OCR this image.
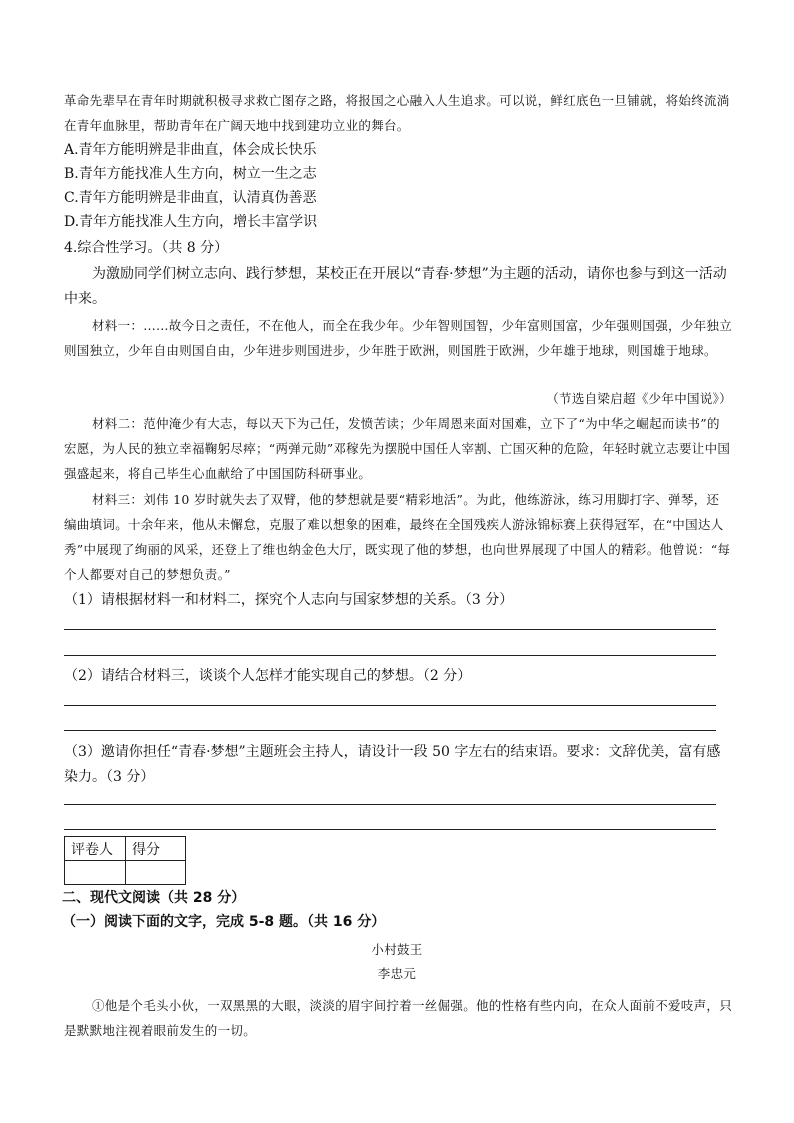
革命先辈早在青年时期就积极寻求救亡图存之路，将报国之心融入人生追求。可以说，鲜红底色一旦铺就，将始终流淌在青年血脉里，帮助青年在广阔天地中找到建功立业的舞台。

A.青年方能明辨是非曲直，体会成长快乐

B.青年方能找准人生方向，树立一生之志

C.青年方能明辨是非曲直，认清真伪善恶

D.青年方能找准人生方向，增长丰富学识

4.综合性学习。（共 8 分）

为激励同学们树立志向、践行梦想，某校正在开展以“青春·梦想”为主题的活动，请你也参与到这一活动中来。

材料一：……故今日之责任，不在他人，而全在我少年。少年智则国智，少年富则国富，少年强则国强，少年独立则国独立，少年自由则国自由，少年进步则国进步，少年胜于欧洲，则国胜于欧洲，少年雄于地球，则国雄于地球。

（节选自梁启超《少年中国说》）

材料二：范仲淹少有大志，每以天下为己任，发愤苦读；少年周恩来面对国难，立下了“为中华之崛起而读书”的宏愿，为人民的独立幸福鞠躬尽瘁；“两弹元勋”邓稼先为摆脱中国任人宰割、亡国灭种的危险，年轻时就立志要让中国强盛起来，将自己毕生心血献给了中国国防科研事业。

材料三：刘伟 10 岁时就失去了双臂，他的梦想就是要“精彩地活”。为此，他练游泳，练习用脚打字、弹琴，还编曲填词。十余年来，他从未懈怠，克服了难以想象的困难，最终在全国残疾人游泳锦标赛上获得冠军，在“中国达人秀”中展现了绚丽的风采，还登上了维也纳金色大厅，既实现了他的梦想，也向世界展现了中国人的精彩。他曾说：“每个人都要对自己的梦想负责。”

（1）请根据材料一和材料二，探究个人志向与国家梦想的关系。（3 分）

（2）请结合材料三，谈谈个人怎样才能实现自己的梦想。（2 分）

（3）邀请你担任“青春·梦想”主题班会主持人，请设计一段 50 字左右的结束语。要求：文辞优美，富有感染力。（3 分）

评卷人	得分

二、现代文阅读（共 28 分）

（一）阅读下面的文字，完成 5-8 题。（共 16 分）

小村鼓王

李忠元

①他是个毛头小伙，一双黑黑的大眼，淡淡的眉宇间拧着一丝倔强。他的性格有些内向，在众人面前不爱吱声，只是默默地注视着眼前发生的一切。
